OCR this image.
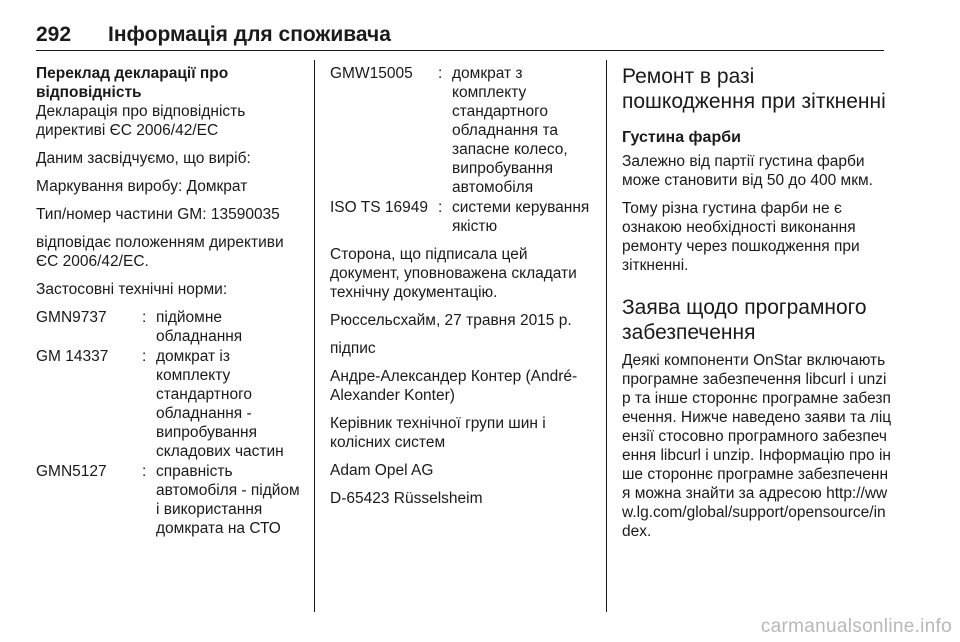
292 Інформація для споживача

Переклад декларації про відповідність

Декларація про відповідність директиві ЄС 2006/42/ЕС

Даним засвідчуємо, що виріб:

Маркування виробу: Домкрат

Тип/номер частини GM: 13590035

відповідає положенням директиви ЄС 2006/42/ЕС.

Застосовні технічні норми:

GMN9737	: підйомне обладнання
GM 14337	: домкрат із комплекту стандартного обладнання - випробування складових частин
GMN5127	: справність автомобіля - підйом і використання домкрата на СТО
GMW15005	: домкрат з комплекту стандартного обладнання та запасне колесо, випробування автомобіля
ISO TS 16949 : системи керування якістю

Сторона, що підписала цей документ, уповноважена складати технічну документацію.

Рюссельсхайм, 27 травня 2015 р.

підпис

Андре-Александер Контер (André-Alexander Konter)

Керівник технічної групи шин і колісних систем

Adam Opel AG

D-65423 Rüsselsheim

Ремонт в разі пошкодження при зіткненні
Густина фарби

Залежно від партії густина фарби може становити від 50 до 400 мкм.

Тому різна густина фарби не є ознакою необхідності виконання ремонту через пошкодження при зіткненні.

Заява щодо програмного забезпечення

Деякі компоненти OnStar включають програмне забезпечення libcurl і unzip та інше стороннє програмне забезпечення. Нижче наведено заяви та ліцензії стосовно програмного забезпечення libcurl і unzip. Інформацію про інше стороннє програмне забезпечення можна знайти за адресою http://www.lg.com/global/support/opensource/index.

carmanualsonline.info
